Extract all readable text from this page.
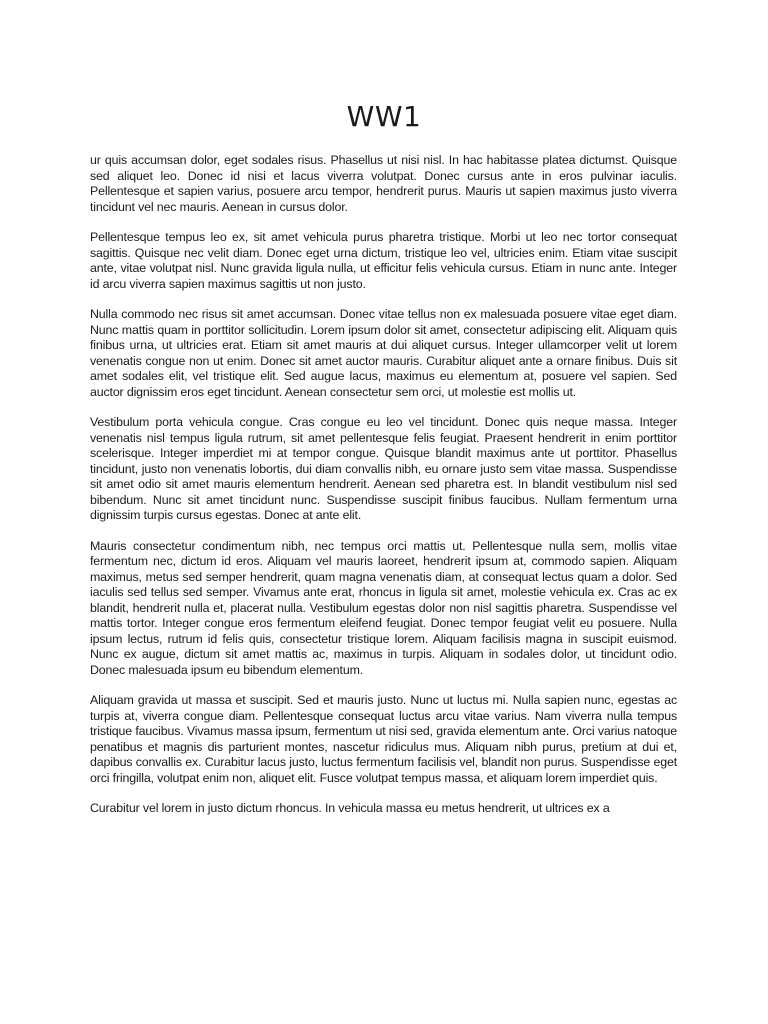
WW1

ur quis accumsan dolor, eget sodales risus. Phasellus ut nisi nisl. In hac habitasse platea dictumst. Quisque sed aliquet leo. Donec id nisi et lacus viverra volutpat. Donec cursus ante in eros pulvinar iaculis. Pellentesque et sapien varius, posuere arcu tempor, hendrerit purus. Mauris ut sapien maximus justo viverra tincidunt vel nec mauris. Aenean in cursus dolor.

Pellentesque tempus leo ex, sit amet vehicula purus pharetra tristique. Morbi ut leo nec tortor consequat sagittis. Quisque nec velit diam. Donec eget urna dictum, tristique leo vel, ultricies enim. Etiam vitae suscipit ante, vitae volutpat nisl. Nunc gravida ligula nulla, ut efficitur felis vehicula cursus. Etiam in nunc ante. Integer id arcu viverra sapien maximus sagittis ut non justo.

Nulla commodo nec risus sit amet accumsan. Donec vitae tellus non ex malesuada posuere vitae eget diam. Nunc mattis quam in porttitor sollicitudin. Lorem ipsum dolor sit amet, consectetur adipiscing elit. Aliquam quis finibus urna, ut ultricies erat. Etiam sit amet mauris at dui aliquet cursus. Integer ullamcorper velit ut lorem venenatis congue non ut enim. Donec sit amet auctor mauris. Curabitur aliquet ante a ornare finibus. Duis sit amet sodales elit, vel tristique elit. Sed augue lacus, maximus eu elementum at, posuere vel sapien. Sed auctor dignissim eros eget tincidunt. Aenean consectetur sem orci, ut molestie est mollis ut.

Vestibulum porta vehicula congue. Cras congue eu leo vel tincidunt. Donec quis neque massa. Integer venenatis nisl tempus ligula rutrum, sit amet pellentesque felis feugiat. Praesent hendrerit in enim porttitor scelerisque. Integer imperdiet mi at tempor congue. Quisque blandit maximus ante ut porttitor. Phasellus tincidunt, justo non venenatis lobortis, dui diam convallis nibh, eu ornare justo sem vitae massa. Suspendisse sit amet odio sit amet mauris elementum hendrerit. Aenean sed pharetra est. In blandit vestibulum nisl sed bibendum. Nunc sit amet tincidunt nunc. Suspendisse suscipit finibus faucibus. Nullam fermentum urna dignissim turpis cursus egestas. Donec at ante elit.

Mauris consectetur condimentum nibh, nec tempus orci mattis ut. Pellentesque nulla sem, mollis vitae fermentum nec, dictum id eros. Aliquam vel mauris laoreet, hendrerit ipsum at, commodo sapien. Aliquam maximus, metus sed semper hendrerit, quam magna venenatis diam, at consequat lectus quam a dolor. Sed iaculis sed tellus sed semper. Vivamus ante erat, rhoncus in ligula sit amet, molestie vehicula ex. Cras ac ex blandit, hendrerit nulla et, placerat nulla. Vestibulum egestas dolor non nisl sagittis pharetra. Suspendisse vel mattis tortor. Integer congue eros fermentum eleifend feugiat. Donec tempor feugiat velit eu posuere. Nulla ipsum lectus, rutrum id felis quis, consectetur tristique lorem. Aliquam facilisis magna in suscipit euismod. Nunc ex augue, dictum sit amet mattis ac, maximus in turpis. Aliquam in sodales dolor, ut tincidunt odio. Donec malesuada ipsum eu bibendum elementum.

Aliquam gravida ut massa et suscipit. Sed et mauris justo. Nunc ut luctus mi. Nulla sapien nunc, egestas ac turpis at, viverra congue diam. Pellentesque consequat luctus arcu vitae varius. Nam viverra nulla tempus tristique faucibus. Vivamus massa ipsum, fermentum ut nisi sed, gravida elementum ante. Orci varius natoque penatibus et magnis dis parturient montes, nascetur ridiculus mus. Aliquam nibh purus, pretium at dui et, dapibus convallis ex. Curabitur lacus justo, luctus fermentum facilisis vel, blandit non purus. Suspendisse eget orci fringilla, volutpat enim non, aliquet elit. Fusce volutpat tempus massa, et aliquam lorem imperdiet quis.

Curabitur vel lorem in justo dictum rhoncus. In vehicula massa eu metus hendrerit, ut ultrices ex a
